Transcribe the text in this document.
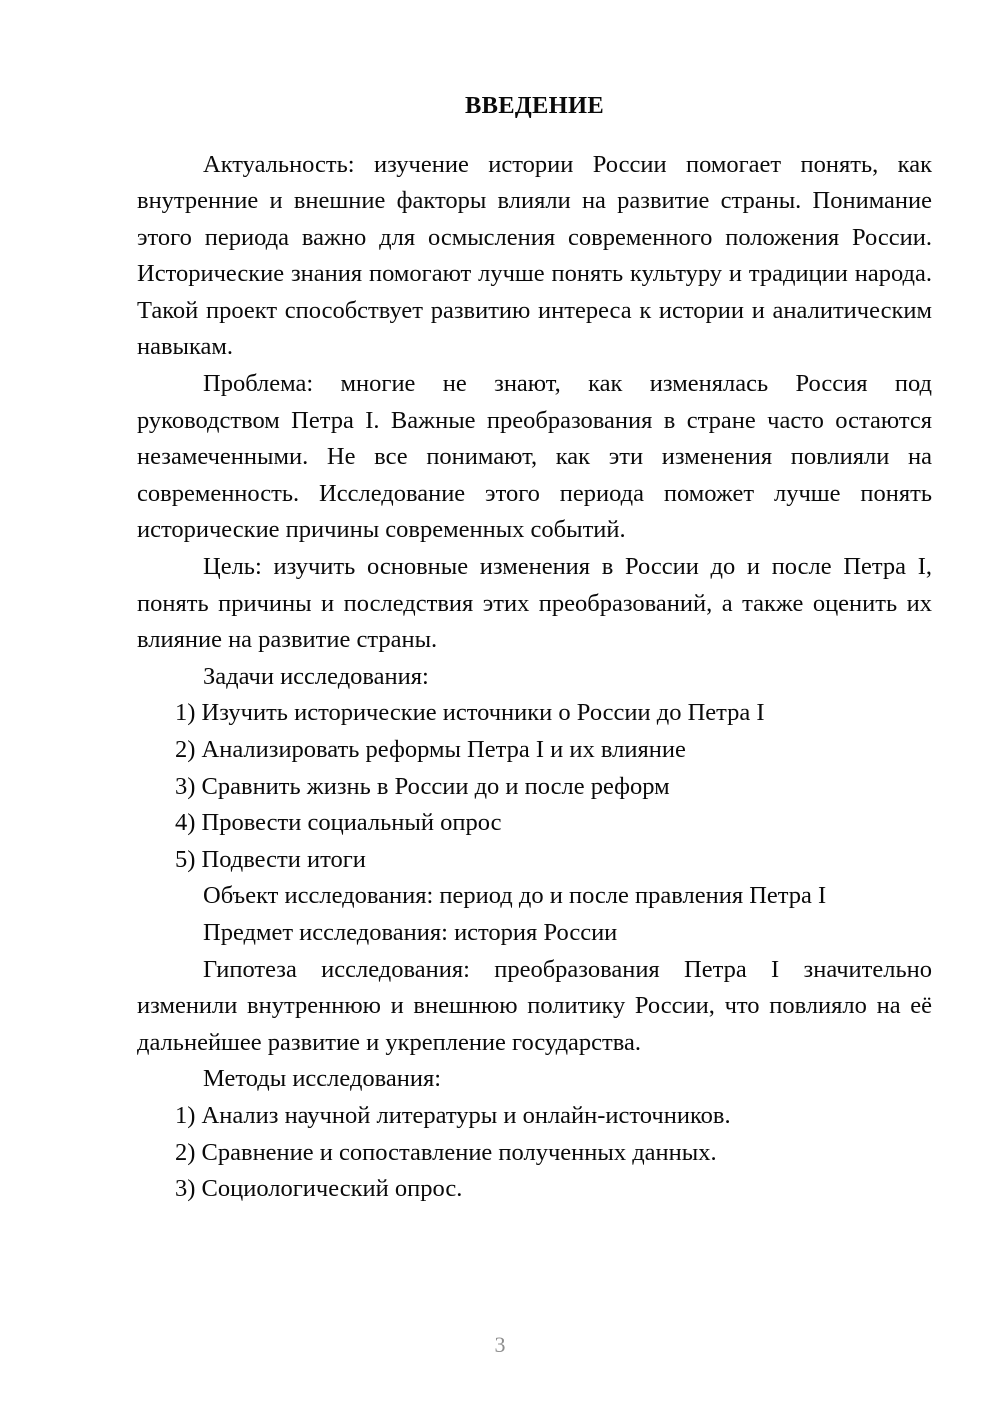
ВВЕДЕНИЕ

Актуальность: изучение истории России помогает понять, как внутренние и внешние факторы влияли на развитие страны. Понимание этого периода важно для осмысления современного положения России. Исторические знания помогают лучше понять культуру и традиции народа. Такой проект способствует развитию интереса к истории и аналитическим навыкам.

Проблема: многие не знают, как изменялась Россия под руководством Петра I. Важные преобразования в стране часто остаются незамеченными. Не все понимают, как эти изменения повлияли на современность. Исследование этого периода поможет лучше понять исторические причины современных событий.

Цель: изучить основные изменения в России до и после Петра I, понять причины и последствия этих преобразований, а также оценить их влияние на развитие страны.

Задачи исследования:

1) Изучить исторические источники о России до Петра I

2) Анализировать реформы Петра I и их влияние

3) Сравнить жизнь в России до и после реформ

4) Провести социальный опрос

5) Подвести итоги

Объект исследования: период до и после правления Петра I

Предмет исследования: история России

Гипотеза исследования: преобразования Петра I значительно изменили внутреннюю и внешнюю политику России, что повлияло на её дальнейшее развитие и укрепление государства.

Методы исследования:

1) Анализ научной литературы и онлайн-источников.

2) Сравнение и сопоставление полученных данных.

3) Социологический опрос.

3
